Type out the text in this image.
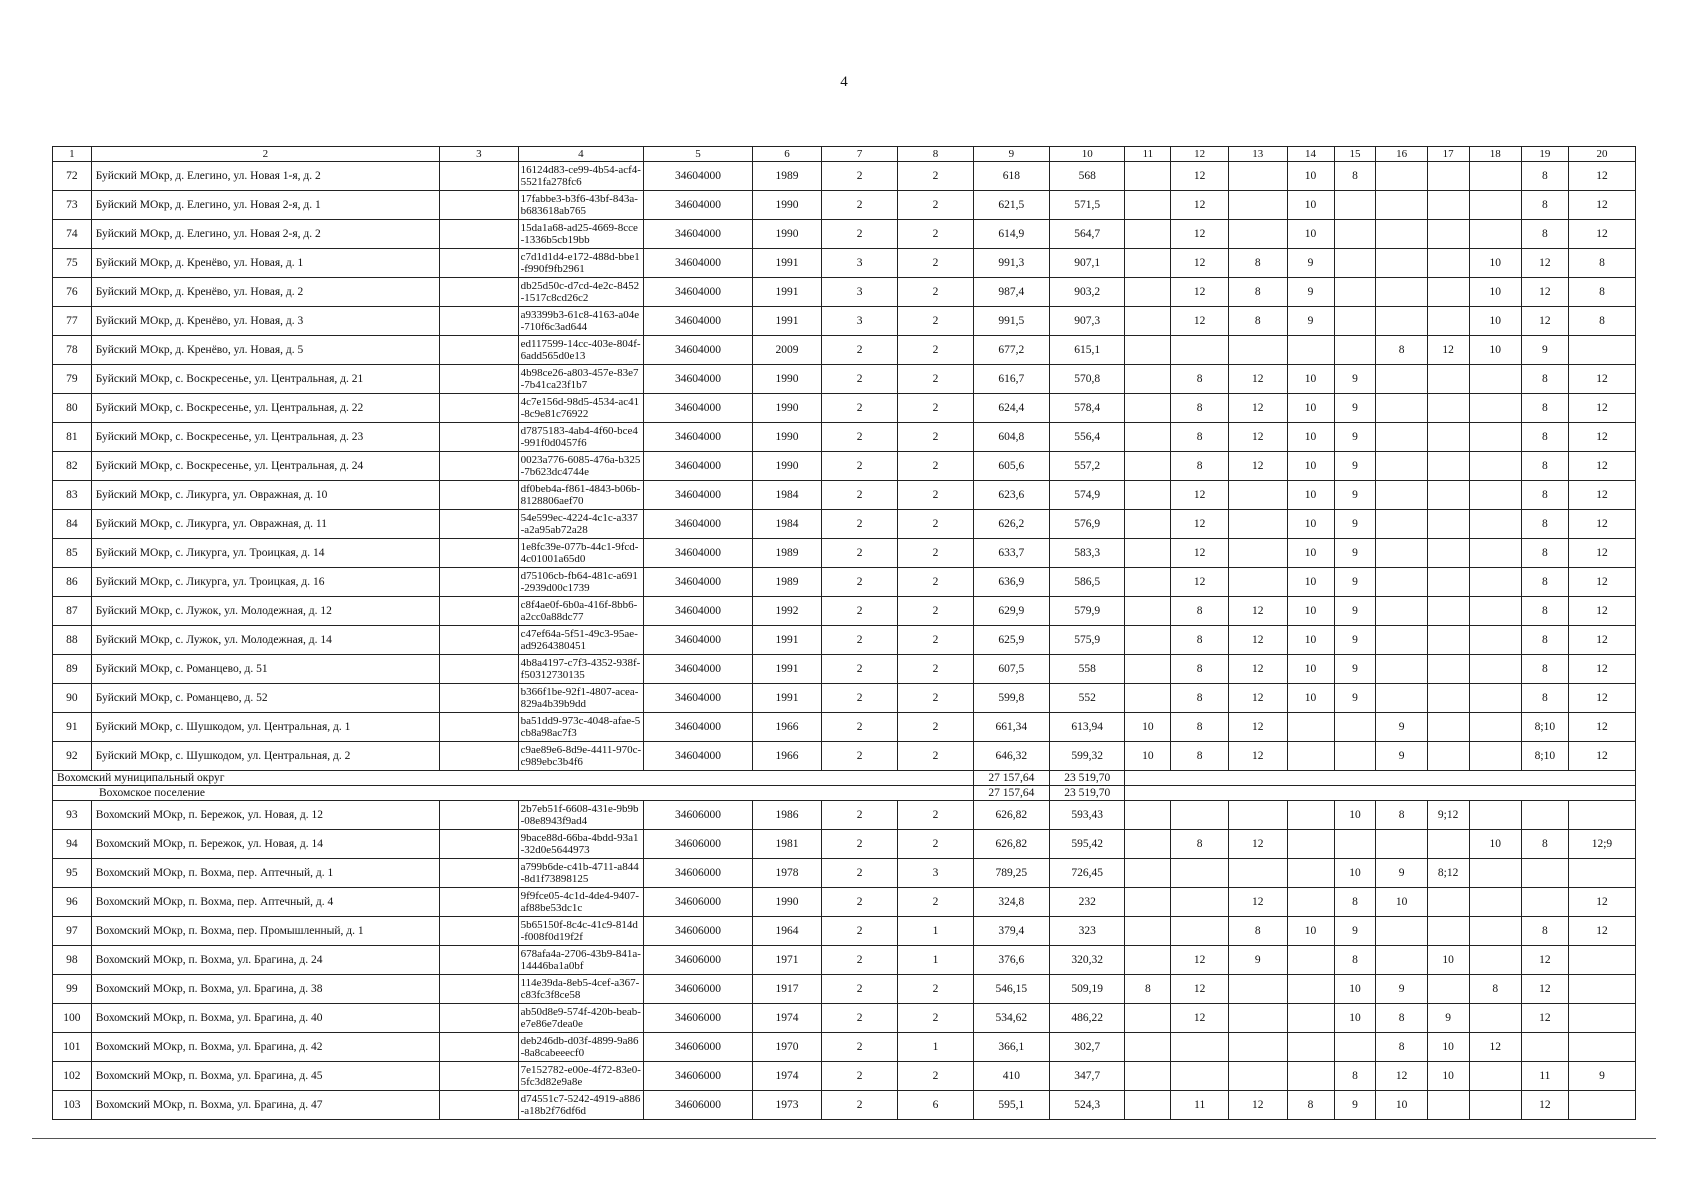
4
1	2	3	4	5	6	7	8	9	10	11	12	13	14	15	16	17	18	19	20
72	Буйский МОкр, д. Елегино, ул. Новая 1-я, д. 2		16124d83-ce99-4b54-acf4-5521fa278fc6	34604000	1989	2	2	618	568		12		10	8				8	12
73	Буйский МОкр, д. Елегино, ул. Новая 2-я, д. 1		17fabbe3-b3f6-43bf-843a-b683618ab765	34604000	1990	2	2	621,5	571,5		12		10					8	12
74	Буйский МОкр, д. Елегино, ул. Новая 2-я, д. 2		15da1a68-ad25-4669-8cce-1336b5cb19bb	34604000	1990	2	2	614,9	564,7		12		10					8	12
75	Буйский МОкр, д. Кренёво, ул. Новая, д. 1		c7d1d1d4-e172-488d-bbe1-f990f9fb2961	34604000	1991	3	2	991,3	907,1		12	8	9				10	12	8
76	Буйский МОкр, д. Кренёво, ул. Новая, д. 2		db25d50c-d7cd-4e2c-8452-1517c8cd26c2	34604000	1991	3	2	987,4	903,2		12	8	9				10	12	8
77	Буйский МОкр, д. Кренёво, ул. Новая, д. 3		a93399b3-61c8-4163-a04e-710f6c3ad644	34604000	1991	3	2	991,5	907,3		12	8	9				10	12	8
78	Буйский МОкр, д. Кренёво, ул. Новая, д. 5		ed117599-14cc-403e-804f-6add565d0e13	34604000	2009	2	2	677,2	615,1						8	12	10	9	
79	Буйский МОкр, с. Воскресенье, ул. Центральная, д. 21		4b98ce26-a803-457e-83e7-7b41ca23f1b7	34604000	1990	2	2	616,7	570,8		8	12	10	9				8	12
80	Буйский МОкр, с. Воскресенье, ул. Центральная, д. 22		4c7e156d-98d5-4534-ac41-8c9e81c76922	34604000	1990	2	2	624,4	578,4		8	12	10	9				8	12
81	Буйский МОкр, с. Воскресенье, ул. Центральная, д. 23		d7875183-4ab4-4f60-bce4-991f0d0457f6	34604000	1990	2	2	604,8	556,4		8	12	10	9				8	12
82	Буйский МОкр, с. Воскресенье, ул. Центральная, д. 24		0023a776-6085-476a-b325-7b623dc4744e	34604000	1990	2	2	605,6	557,2		8	12	10	9				8	12
83	Буйский МОкр, с. Ликурга, ул. Овражная, д. 10		df0beb4a-f861-4843-b06b-8128806aef70	34604000	1984	2	2	623,6	574,9		12		10	9				8	12
84	Буйский МОкр, с. Ликурга, ул. Овражная, д. 11		54e599ec-4224-4c1c-a337-a2a95ab72a28	34604000	1984	2	2	626,2	576,9		12		10	9				8	12
85	Буйский МОкр, с. Ликурга, ул. Троицкая, д. 14		1e8fc39e-077b-44c1-9fcd-4c01001a65d0	34604000	1989	2	2	633,7	583,3		12		10	9				8	12
86	Буйский МОкр, с. Ликурга, ул. Троицкая, д. 16		d75106cb-fb64-481c-a691-2939d00c1739	34604000	1989	2	2	636,9	586,5		12		10	9				8	12
87	Буйский МОкр, с. Лужок, ул. Молодежная, д. 12		c8f4ae0f-6b0a-416f-8bb6-a2cc0a88dc77	34604000	1992	2	2	629,9	579,9		8	12	10	9				8	12
88	Буйский МОкр, с. Лужок, ул. Молодежная, д. 14		c47ef64a-5f51-49c3-95ae-ad9264380451	34604000	1991	2	2	625,9	575,9		8	12	10	9				8	12
89	Буйский МОкр, с. Романцево, д. 51		4b8a4197-c7f3-4352-938f-f50312730135	34604000	1991	2	2	607,5	558		8	12	10	9				8	12
90	Буйский МОкр, с. Романцево, д. 52		b366f1be-92f1-4807-acea-829a4b39b9dd	34604000	1991	2	2	599,8	552		8	12	10	9				8	12
91	Буйский МОкр, с. Шушкодом, ул. Центральная, д. 1		ba51dd9-973c-4048-afae-5cb8a98ac7f3	34604000	1966	2	2	661,34	613,94	10	8	12			9			8;10	12
92	Буйский МОкр, с. Шушкодом, ул. Центральная, д. 2		c9ae89e6-8d9e-4411-970c-c989ebc3b4f6	34604000	1966	2	2	646,32	599,32	10	8	12			9			8;10	12
Вохомский муниципальный округ								27 157,64	23 519,70										
Вохомское поселение								27 157,64	23 519,70										
93	Вохомский МОкр, п. Бережок, ул. Новая, д. 12		2b7eb51f-6608-431e-9b9b-08e8943f9ad4	34606000	1986	2	2	626,82	593,43					10	8	9;12			
94	Вохомский МОкр, п. Бережок, ул. Новая, д. 14		9bace88d-66ba-4bdd-93a1-32d0e5644973	34606000	1981	2	2	626,82	595,42		8	12					10	8	12;9
95	Вохомский МОкр, п. Вохма, пер. Аптечный, д. 1		a799b6de-c41b-4711-a844-8d1f73898125	34606000	1978	2	3	789,25	726,45					10	9	8;12			
96	Вохомский МОкр, п. Вохма, пер. Аптечный, д. 4		9f9fce05-4c1d-4de4-9407-af88be53dc1c	34606000	1990	2	2	324,8	232			12		8	10				12
97	Вохомский МОкр, п. Вохма, пер. Промышленный, д. 1		5b65150f-8c4c-41c9-814d-f008f0d19f2f	34606000	1964	2	1	379,4	323			8	10	9				8	12
98	Вохомский МОкр, п. Вохма, ул. Брагина, д. 24		678afa4a-2706-43b9-841a-14446ba1a0bf	34606000	1971	2	1	376,6	320,32		12	9		8		10		12	
99	Вохомский МОкр, п. Вохма, ул. Брагина, д. 38		114e39da-8eb5-4cef-a367-c83fc3f8ce58	34606000	1917	2	2	546,15	509,19	8	12			10	9		8	12	
100	Вохомский МОкр, п. Вохма, ул. Брагина, д. 40		ab50d8e9-574f-420b-beab-e7e86e7dea0e	34606000	1974	2	2	534,62	486,22		12			10	8	9		12	
101	Вохомский МОкр, п. Вохма, ул. Брагина, д. 42		deb246db-d03f-4899-9a86-8a8cabeeecf0	34606000	1970	2	1	366,1	302,7						8	10	12		
102	Вохомский МОкр, п. Вохма, ул. Брагина, д. 45		7e152782-e00e-4f72-83e0-5fc3d82e9a8e	34606000	1974	2	2	410	347,7					8	12	10		11	9
103	Вохомский МОкр, п. Вохма, ул. Брагина, д. 47		d74551c7-5242-4919-a886-a18b2f76df6d	34606000	1973	2	6	595,1	524,3		11	12	8	9	10			12	
